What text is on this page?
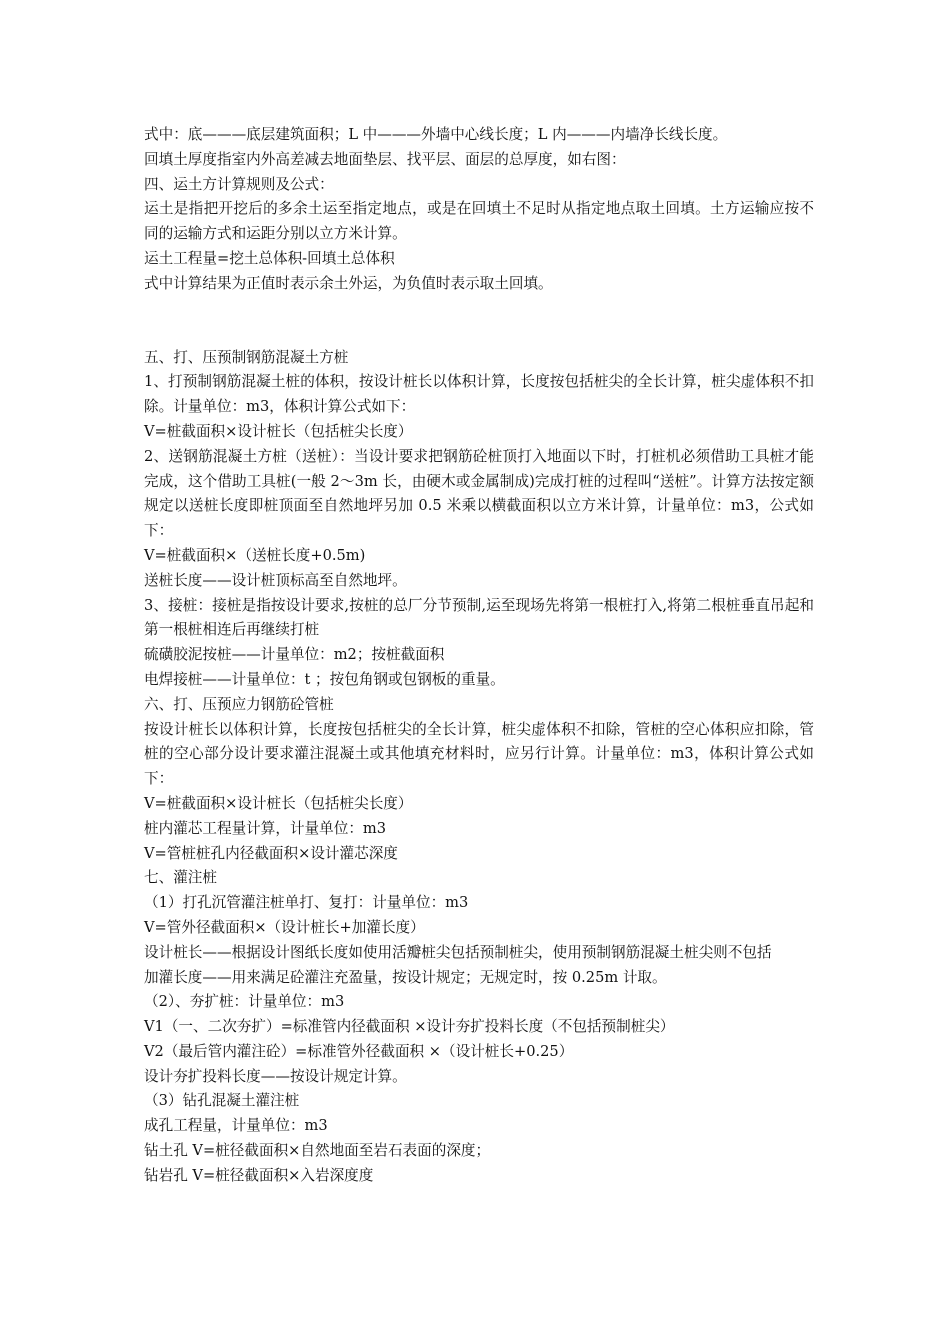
式中：底———底层建筑面积；L 中———外墙中心线长度；L 内———内墙净长线长度。

回填土厚度指室内外高差减去地面垫层、找平层、面层的总厚度，如右图：

四、运土方计算规则及公式：

运土是指把开挖后的多余土运至指定地点，或是在回填土不足时从指定地点取土回填。土方运输应按不同的运输方式和运距分别以立方米计算。

运土工程量=挖土总体积-回填土总体积

式中计算结果为正值时表示余土外运，为负值时表示取土回填。

五、打、压预制钢筋混凝土方桩

1、打预制钢筋混凝土桩的体积，按设计桩长以体积计算，长度按包括桩尖的全长计算，桩尖虚体积不扣除。计量单位：m3，体积计算公式如下：

V=桩截面积×设计桩长（包括桩尖长度）

2、送钢筋混凝土方桩（送桩）：当设计要求把钢筋砼桩顶打入地面以下时，打桩机必须借助工具桩才能完成，这个借助工具桩(一般 2～3m 长，由硬木或金属制成)完成打桩的过程叫“送桩”。计算方法按定额规定以送桩长度即桩顶面至自然地坪另加 0.5 米乘以横截面积以立方米计算，计量单位：m3，公式如下：

V=桩截面积×（送桩长度+0.5m)

送桩长度——设计桩顶标高至自然地坪。

3、接桩：接桩是指按设计要求,按桩的总厂分节预制,运至现场先将第一根桩打入,将第二根桩垂直吊起和第一根桩相连后再继续打桩

硫磺胶泥按桩——计量单位：m2；按桩截面积

电焊接桩——计量单位：t ；按包角钢或包钢板的重量。

六、打、压预应力钢筋砼管桩

按设计桩长以体积计算，长度按包括桩尖的全长计算，桩尖虚体积不扣除，管桩的空心体积应扣除，管桩的空心部分设计要求灌注混凝土或其他填充材料时，应另行计算。计量单位：m3，体积计算公式如下：

V=桩截面积×设计桩长（包括桩尖长度）

桩内灌芯工程量计算，计量单位：m3

V=管桩桩孔内径截面积×设计灌芯深度

七、灌注桩

（1）打孔沉管灌注桩单打、复打：计量单位：m3

V=管外径截面积×（设计桩长+加灌长度）

设计桩长——根据设计图纸长度如使用活瓣桩尖包括预制桩尖，使用预制钢筋混凝土桩尖则不包括

加灌长度——用来满足砼灌注充盈量，按设计规定；无规定时，按 0.25m 计取。

（2）、夯扩桩：计量单位：m3

V1（一、二次夯扩）=标准管内径截面积 ×设计夯扩投料长度（不包括预制桩尖）

V2（最后管内灌注砼）=标准管外径截面积 ×（设计桩长+0.25）

设计夯扩投料长度——按设计规定计算。

（3）钻孔混凝土灌注桩

成孔工程量，计量单位：m3

钻土孔 V=桩径截面积×自然地面至岩石表面的深度；

钻岩孔 V=桩径截面积×入岩深度度
